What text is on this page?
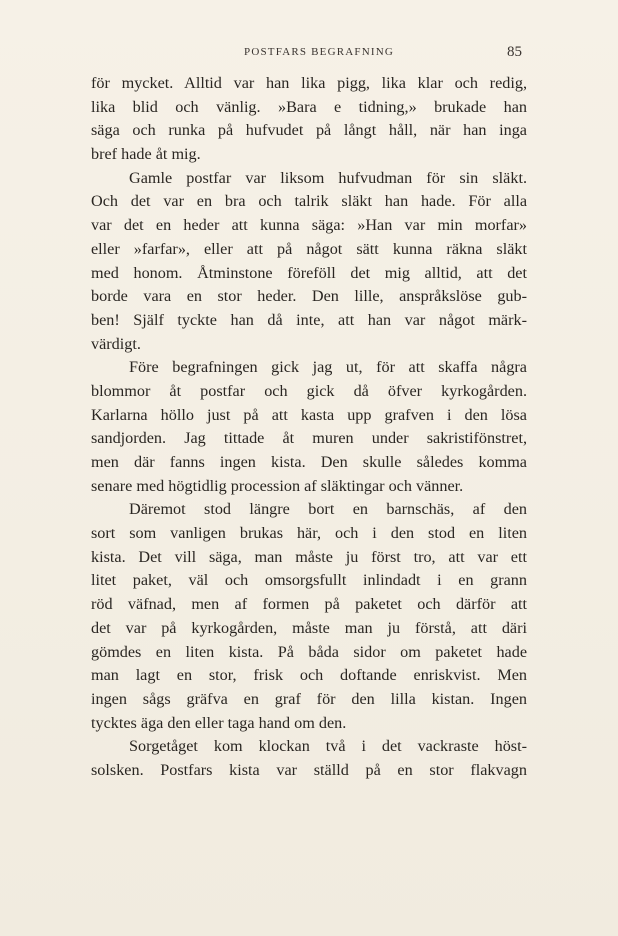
POSTFARS BEGRAFNING	85
för mycket. Alltid var han lika pigg, lika klar och redig,
lika blid och vänlig. »Bara e tidning,» brukade han
säga och runka på hufvudet på långt håll, när han inga
bref hade åt mig.
Gamle postfar var liksom hufvudman för sin släkt.
Och det var en bra och talrik släkt han hade. För alla
var det en heder att kunna säga: »Han var min morfar»
eller »farfar», eller att på något sätt kunna räkna släkt
med honom. Åtminstone föreföll det mig alltid, att det
borde vara en stor heder. Den lille, anspråkslöse gub-
ben! Själf tyckte han då inte, att han var något märk-
värdigt.
Före begrafningen gick jag ut, för att skaffa några
blommor åt postfar och gick då öfver kyrkogården.
Karlarna höllo just på att kasta upp grafven i den lösa
sandjorden. Jag tittade åt muren under sakristifönstret,
men där fanns ingen kista. Den skulle således komma
senare med högtidlig procession af släktingar och vänner.
Däremot stod längre bort en barnschäs, af den
sort som vanligen brukas här, och i den stod en liten
kista. Det vill säga, man måste ju först tro, att var ett
litet paket, väl och omsorgsfullt inlindadt i en grann
röd väfnad, men af formen på paketet och därför att
det var på kyrkogården, måste man ju förstå, att däri
gömdes en liten kista. På båda sidor om paketet hade
man lagt en stor, frisk och doftande enriskvist. Men
ingen sågs gräfva en graf för den lilla kistan. Ingen
tycktes äga den eller taga hand om den.
Sorgetåget kom klockan två i det vackraste höst-
solsken. Postfars kista var ställd på en stor flakvagn
